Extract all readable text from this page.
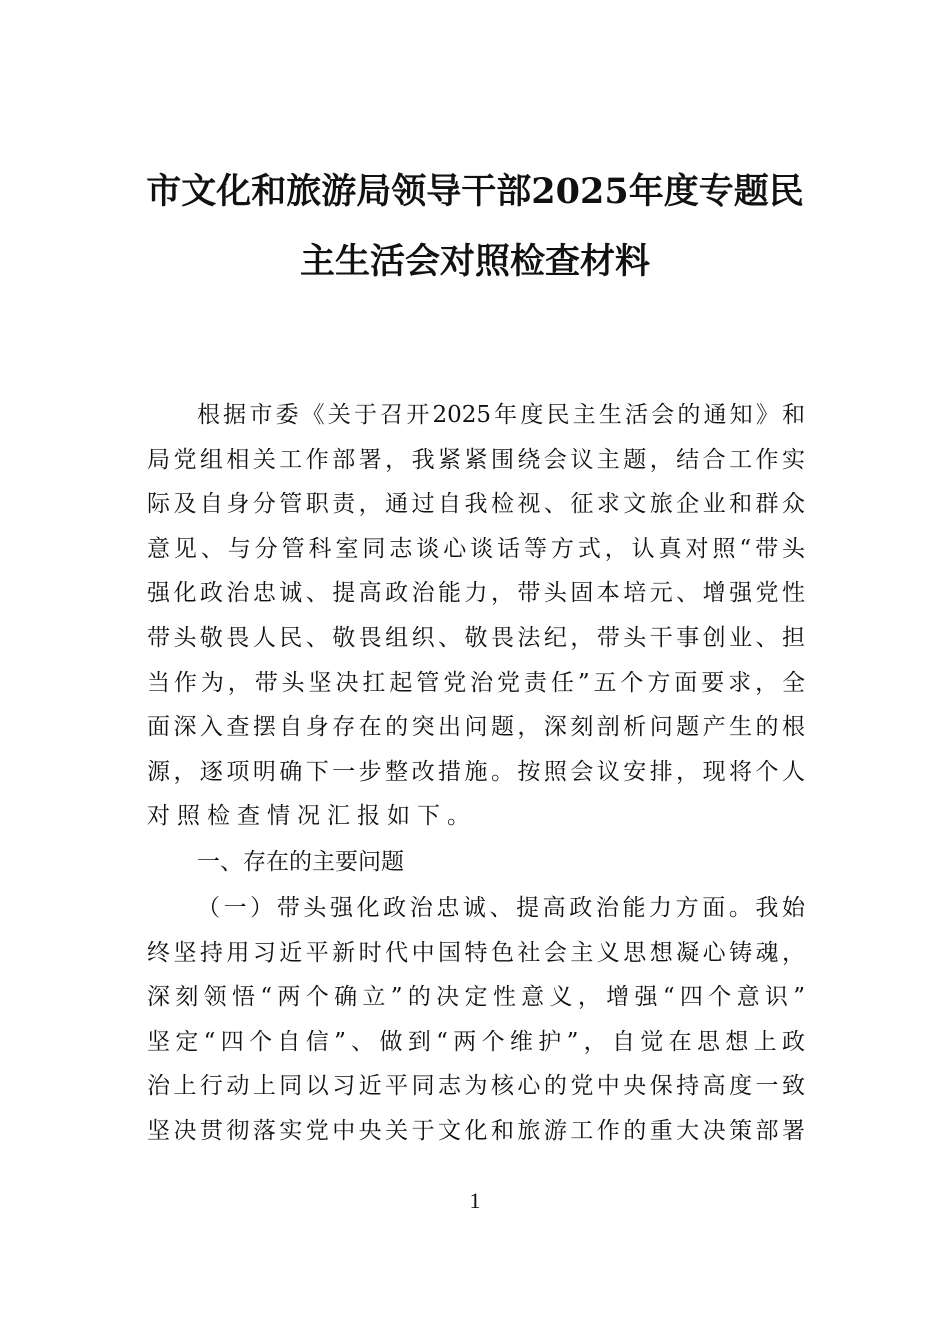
市文化和旅游局领导干部2025年度专题民
主生活会对照检查材料
根据市委《关于召开2025年度民主生活会的通知》和
局党组相关工作部署，我紧紧围绕会议主题，结合工作实
际及自身分管职责，通过自我检视、征求文旅企业和群众
意见、与分管科室同志谈心谈话等方式，认真对照“带头
强化政治忠诚、提高政治能力，带头固本培元、增强党性
带头敬畏人民、敬畏组织、敬畏法纪，带头干事创业、担
当作为，带头坚决扛起管党治党责任”五个方面要求，全
面深入查摆自身存在的突出问题，深刻剖析问题产生的根
源，逐项明确下一步整改措施。按照会议安排，现将个人
对照检查情况汇报如下。
一、存在的主要问题
（一）带头强化政治忠诚、提高政治能力方面。我始
终坚持用习近平新时代中国特色社会主义思想凝心铸魂，
深刻领悟“两个确立”的决定性意义，增强“四个意识”
坚定“四个自信”、做到“两个维护”，自觉在思想上政
治上行动上同以习近平同志为核心的党中央保持高度一致
坚决贯彻落实党中央关于文化和旅游工作的重大决策部署
1
